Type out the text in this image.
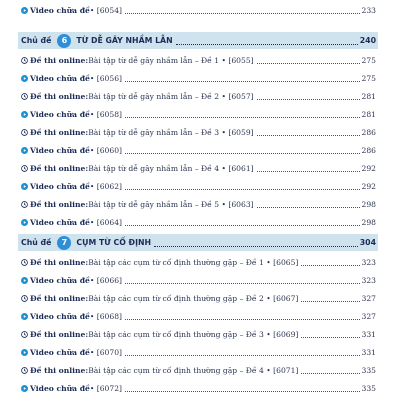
Video chữa đề • [6054]	233
Chủ đề	6	TỪ DỄ GÂY NHẦM LẪN	240
Đề thi online: Bài tập từ dễ gây nhầm lẫn – Đề 1 • [6055]	275
Video chữa đề • [6056]	275
Đề thi online: Bài tập từ dễ gây nhầm lẫn – Đề 2 • [6057]	281
Video chữa đề • [6058]	281
Đề thi online: Bài tập từ dễ gây nhầm lẫn – Đề 3 • [6059]	286
Video chữa đề • [6060]	286
Đề thi online: Bài tập từ dễ gây nhầm lẫn – Đề 4 • [6061]	292
Video chữa đề • [6062]	292
Đề thi online: Bài tập từ dễ gây nhầm lẫn – Đề 5 • [6063]	298
Video chữa đề • [6064]	298
Chủ đề	7	CỤM TỪ CỐ ĐỊNH	304
Đề thi online: Bài tập các cụm từ cố định thường gặp – Đề 1 • [6065]	323
Video chữa đề • [6066]	323
Đề thi online: Bài tập các cụm từ cố định thường gặp – Đề 2 • [6067]	327
Video chữa đề • [6068]	327
Đề thi online: Bài tập các cụm từ cố định thường gặp – Đề 3 • [6069]	331
Video chữa đề • [6070]	331
Đề thi online: Bài tập các cụm từ cố định thường gặp – Đề 4 • [6071]	335
Video chữa đề • [6072]	335
